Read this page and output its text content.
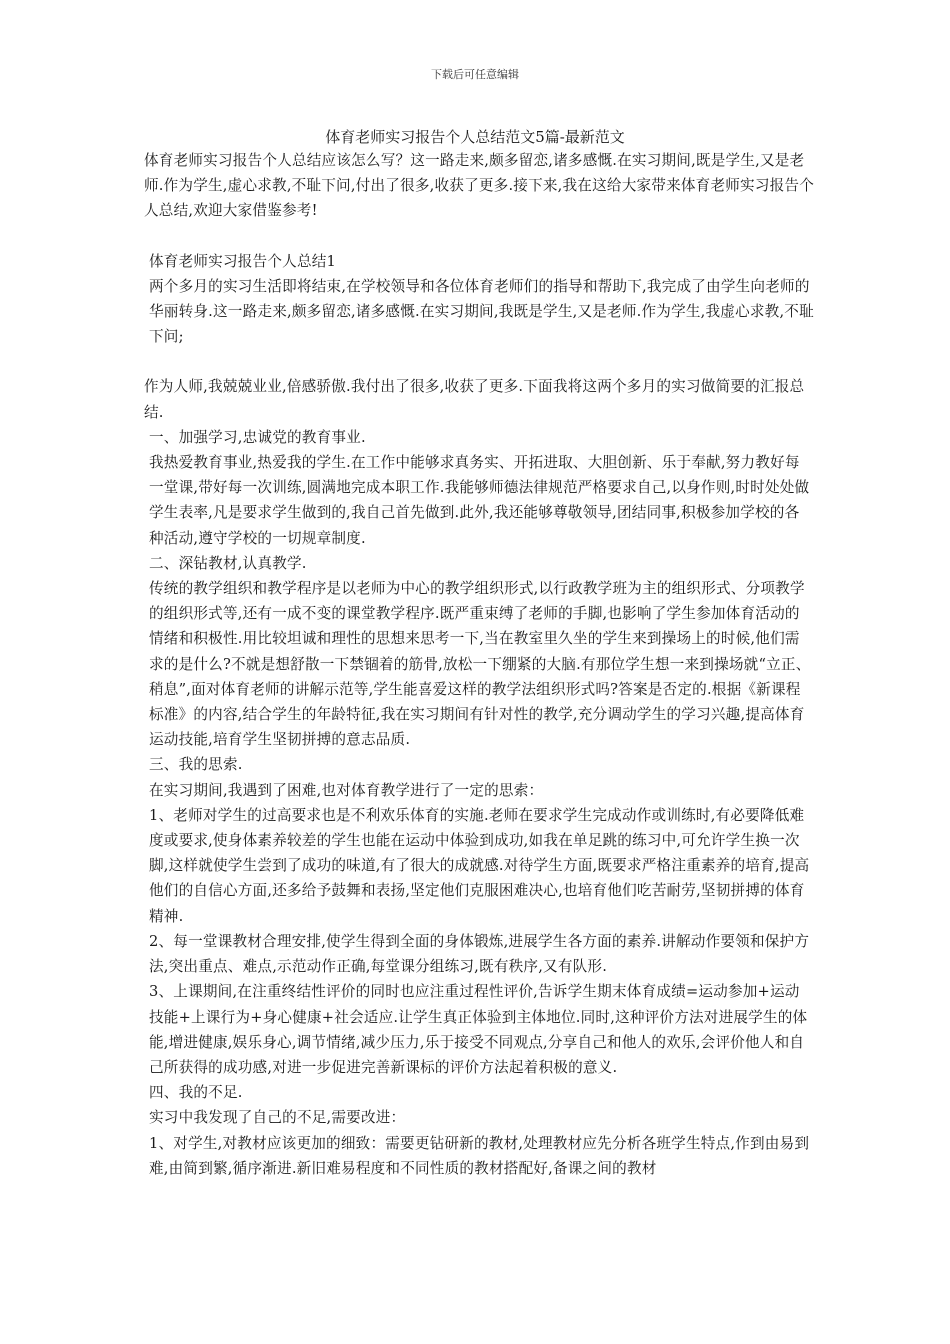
下载后可任意编辑
体育老师实习报告个人总结范文5篇-最新范文

体育老师实习报告个人总结应该怎么写？这一路走来,颇多留恋,诸多感慨.在实习期间,既是学生,又是老师.作为学生,虚心求教,不耻下问,付出了很多,收获了更多.接下来,我在这给大家带来体育老师实习报告个人总结,欢迎大家借鉴参考!

体育老师实习报告个人总结1

两个多月的实习生活即将结束,在学校领导和各位体育老师们的指导和帮助下,我完成了由学生向老师的华丽转身.这一路走来,颇多留恋,诸多感慨.在实习期间,我既是学生,又是老师.作为学生,我虚心求教,不耻下问;

作为人师,我兢兢业业,倍感骄傲.我付出了很多,收获了更多.下面我将这两个多月的实习做简要的汇报总结.

一、加强学习,忠诚党的教育事业.

我热爱教育事业,热爱我的学生.在工作中能够求真务实、开拓进取、大胆创新、乐于奉献,努力教好每一堂课,带好每一次训练,圆满地完成本职工作.我能够师德法律规范严格要求自己,以身作则,时时处处做学生表率,凡是要求学生做到的,我自己首先做到.此外,我还能够尊敬领导,团结同事,积极参加学校的各种活动,遵守学校的一切规章制度.

二、深钻教材,认真教学.

传统的教学组织和教学程序是以老师为中心的教学组织形式,以行政教学班为主的组织形式、分项教学的组织形式等,还有一成不变的课堂教学程序.既严重束缚了老师的手脚,也影响了学生参加体育活动的情绪和积极性.用比较坦诚和理性的思想来思考一下,当在教室里久坐的学生来到操场上的时候,他们需求的是什么?不就是想舒散一下禁锢着的筋骨,放松一下绷紧的大脑.有那位学生想一来到操场就“立正、稍息”,面对体育老师的讲解示范等,学生能喜爱这样的教学法组织形式吗?答案是否定的.根据《新课程标准》的内容,结合学生的年龄特征,我在实习期间有针对性的教学,充分调动学生的学习兴趣,提高体育运动技能,培育学生坚韧拼搏的意志品质.

三、我的思索.

在实习期间,我遇到了困难,也对体育教学进行了一定的思索：

1、老师对学生的过高要求也是不利欢乐体育的实施.老师在要求学生完成动作或训练时,有必要降低难度或要求,使身体素养较差的学生也能在运动中体验到成功,如我在单足跳的练习中,可允许学生换一次脚,这样就使学生尝到了成功的味道,有了很大的成就感.对待学生方面,既要求严格注重素养的培育,提高他们的自信心方面,还多给予鼓舞和表扬,坚定他们克服困难决心,也培育他们吃苦耐劳,坚韧拼搏的体育精神.

2、每一堂课教材合理安排,使学生得到全面的身体锻炼,进展学生各方面的素养.讲解动作要领和保护方法,突出重点、难点,示范动作正确,每堂课分组练习,既有秩序,又有队形.

3、上课期间,在注重终结性评价的同时也应注重过程性评价,告诉学生期末体育成绩=运动参加+运动技能+上课行为+身心健康+社会适应.让学生真正体验到主体地位.同时,这种评价方法对进展学生的体能,增进健康,娱乐身心,调节情绪,减少压力,乐于接受不同观点,分享自己和他人的欢乐,会评价他人和自己所获得的成功感,对进一步促进完善新课标的评价方法起着积极的意义.

四、我的不足.

实习中我发现了自己的不足,需要改进：

1、对学生,对教材应该更加的细致：需要更钻研新的教材,处理教材应先分析各班学生特点,作到由易到难,由简到繁,循序渐进.新旧难易程度和不同性质的教材搭配好,备课之间的教材
